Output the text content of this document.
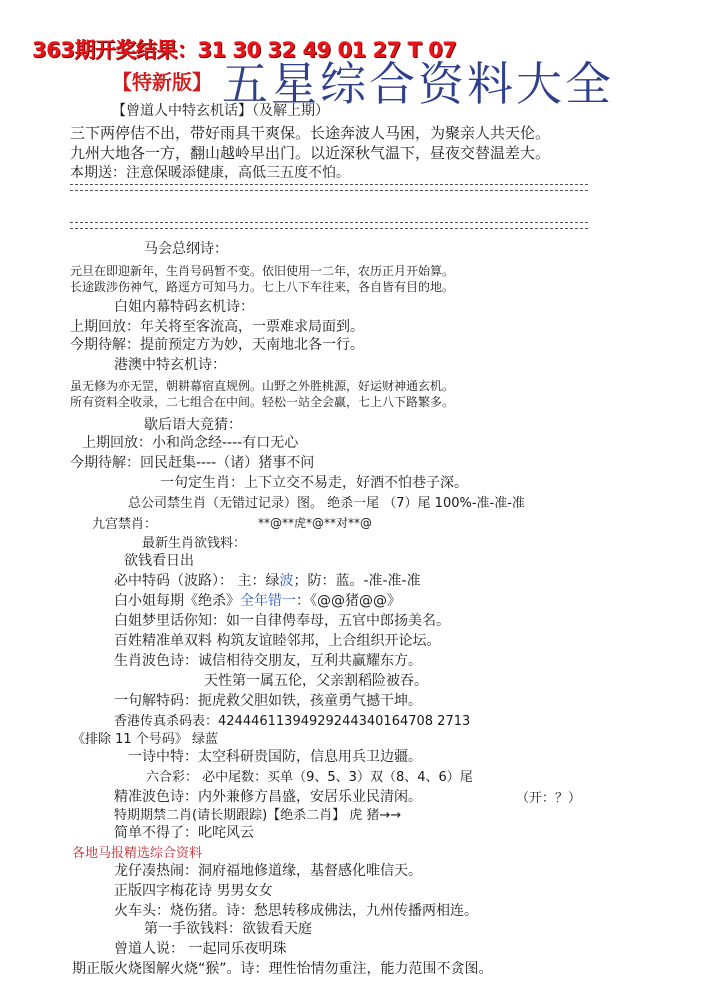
363期开奖结果：31 30 32 49 01 27 T 07
【特新版】 五星综合资料大全
【曾道人中特玄机话】（及解上期）
三下两停佶不出，带好雨具干爽保。长途奔波人马困，为聚亲人共天伦。
九州大地各一方，翻山越岭早出门。以近深秋气温下，昼夜交替温差大。
本期送：注意保暖添健康，高低三五度不怕。
马会总纲诗：
元旦在即迎新年，生肖号码暂不变。依旧使用一二年，农历正月开始算。
长途跋涉伤神气，路逕方可知马力。七上八下车往来，各自皆有目的地。
白姐内幕特码玄机诗：
上期回放：年关将至客流高，一票难求局面到。
今期待解：提前预定方为妙，天南地北各一行。
港澳中特玄机诗：
虽无修为亦无罡，朝耕幕宿直规例。山野之外胜桃源，好运财神通玄机。
所有资料全收录，二七组合在中间。轻松一站全会赢，七上八下路繁多。
歇后语大竞猜：
上期回放：小和尚念经----有口无心
今期待解：回民赶集----（诸）猪事不问
一句定生肖：上下立交不易走，好酒不怕巷子深。
总公司禁生肖（无错过记录）图。 绝杀一尾 （7）尾 100%-准-准-准
九宫禁肖：	**@**虎*@**对**@
最新生肖欲钱料：
欲钱看日出
必中特码（波路）： 主：绿波；防：蓝。-准-准-准
白小姐每期《绝杀》全年错一：《@@猪@@》
白姐梦里话你知：如一自律俜奉母，五官中郎扬美名。
百姓精准单双料 构筑友谊睦邻邦，上合组织开论坛。
生肖波色诗：诚信相待交朋友，互利共赢耀东方。
天性第一属五伦，父亲割稻险被吞。
一句解特码：扼虎救父胆如铁，孩童勇气撼干坤。
香港传真杀码表：42444611394929244340164708 2713
《排除 11 个号码》 绿蓝
一诗中特：太空科研贵国防，信息用兵卫边疆。
六合彩： 必中尾数：买单（9、5、3）双（8、4、6）尾
精准波色诗：内外兼修方昌盛，安居乐业民清闲。	（开：？）
特期期禁二肖(请长期跟踪)【绝杀二肖】 虎 猪→→
简单不得了：叱咤风云
各地马报精选综合资料
龙仔凑热闹：洞府福地修道缘，基督感化唯信天。
正版四字梅花诗 男男女女
火车头：烧伤猪。诗：愁思转移成佛法，九州传播两相连。
第一手欲钱料：欲钹看天庭
曾道人说： 一起同乐夜明珠
期正版火烧图解火烧“猴”。诗：理性怡情勿重注，能力范围不贪图。
